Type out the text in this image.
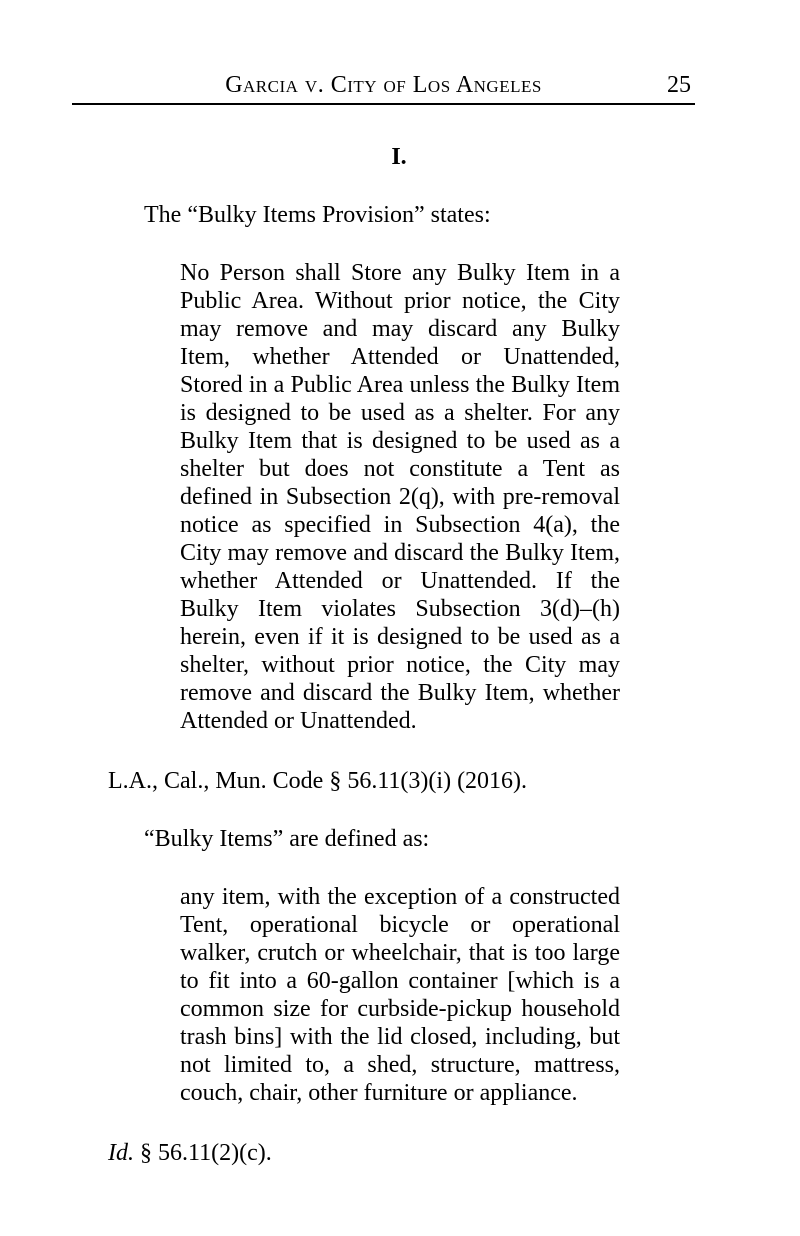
Garcia v. City of Los Angeles	25
I.

The “Bulky Items Provision” states:

No Person shall Store any Bulky Item in a Public Area. Without prior notice, the City may remove and may discard any Bulky Item, whether Attended or Unattended, Stored in a Public Area unless the Bulky Item is designed to be used as a shelter. For any Bulky Item that is designed to be used as a shelter but does not constitute a Tent as defined in Subsection 2(q), with pre-removal notice as specified in Subsection 4(a), the City may remove and discard the Bulky Item, whether Attended or Unattended. If the Bulky Item violates Subsection 3(d)–(h) herein, even if it is designed to be used as a shelter, without prior notice, the City may remove and discard the Bulky Item, whether Attended or Unattended.

L.A., Cal., Mun. Code § 56.11(3)(i) (2016).

“Bulky Items” are defined as:

any item, with the exception of a constructed Tent, operational bicycle or operational walker, crutch or wheelchair, that is too large to fit into a 60-gallon container [which is a common size for curbside-pickup household trash bins] with the lid closed, including, but not limited to, a shed, structure, mattress, couch, chair, other furniture or appliance.

Id. § 56.11(2)(c).
